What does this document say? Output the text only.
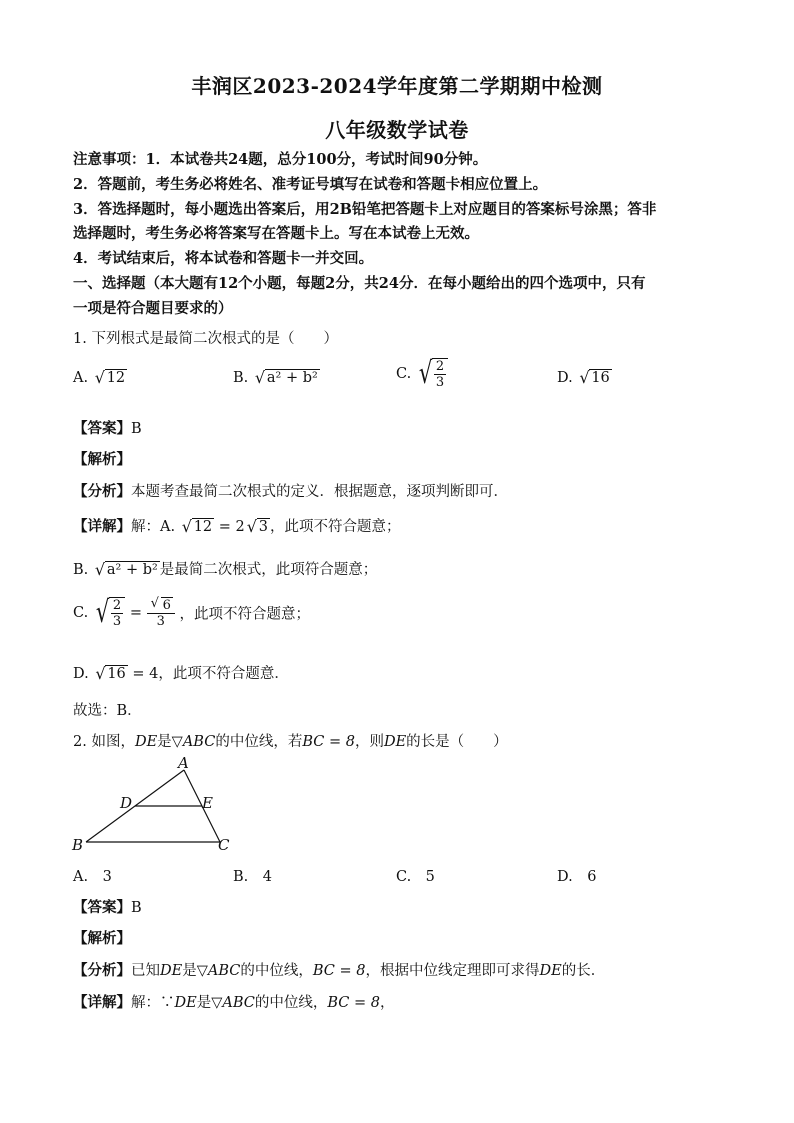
丰润区2023-2024学年度第二学期期中检测
八年级数学试卷
注意事项：1．本试卷共24题，总分100分，考试时间90分钟。
2．答题前，考生务必将姓名、准考证号填写在试卷和答题卡相应位置上。
3．答选择题时，每小题选出答案后，用2B铅笔把答题卡上对应题目的答案标号涂黑；答非
选择题时，考生务必将答案写在答题卡上。写在本试卷上无效。
4．考试结束后，将本试卷和答题卡一并交回。
一、选择题（本大题有12个小题，每题2分，共24分．在每小题给出的四个选项中，只有
一项是符合题目要求的）
1. 下列根式是最简二次根式的是（　　）
A. √ 12	B. √ a² + b²	C. √ $\frac{2}{3}$	D. √ 16
【答案】B
【解析】
【分析】本题考查最简二次根式的定义．根据题意，逐项判断即可．
【详解】解：A. √ 12 = 2 √ 3 ，此项不符合题意；
B. √ a² + b² 是最简二次根式，此项符合题意；
C. √ $\frac{2}{3} = \frac{√ 6}{3}$ ，此项不符合题意；
D. √ 16 = 4，此项不符合题意．
故选：B．
2. 如图，DE是▽ABC的中位线，若BC = 8，则DE的长是（　　）
A
D	E
B	C
A.　3	B.　4	C.　5	D.　6
【答案】B
【解析】
【分析】已知DE是▽ABC的中位线，BC = 8，根据中位线定理即可求得DE的长．
【详解】解：∵DE是▽ABC的中位线，BC = 8，
